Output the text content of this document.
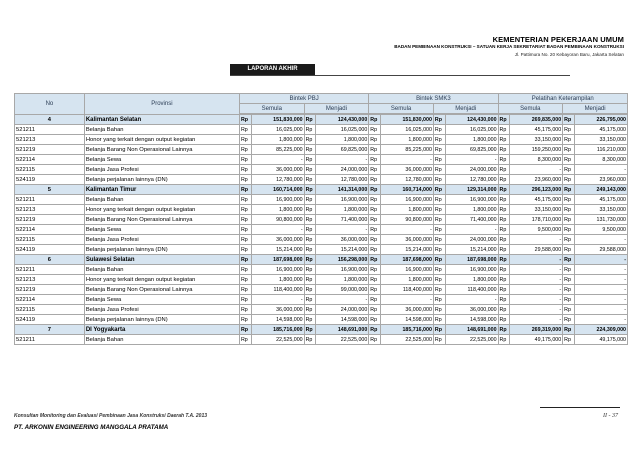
KEMENTERIAN PEKERJAAN UMUM
BADAN PEMBINAAN KONSTRUKSI – SATUAN KERJA SEKRETARIAT BADAN PEMBINAAN KONSTRUKSI
Jl. Pattimura No. 20 Kebayoran Baru, Jakarta Selatan
LAPORAN AKHIR
No	Provinsi	Bintek PBJ				Bintek SMK3				Pelatihan Keterampilan			
		Semula		Menjadi		Semula		Menjadi		Semula		Menjadi	

4	Kalimantan Selatan	Rp	151,830,000	Rp	124,430,000	Rp	151,830,000	Rp	124,430,000	Rp	269,835,000	Rp	226,795,000
521211	Belanja Bahan	Rp	16,025,000	Rp	16,025,000	Rp	16,025,000	Rp	16,025,000	Rp	45,175,000	Rp	45,175,000
521213	Honor yang terkait dengan output kegiatan	Rp	1,800,000	Rp	1,800,000	Rp	1,800,000	Rp	1,800,000	Rp	33,150,000	Rp	33,150,000
521219	Belanja Barang Non Operasional Lainnya	Rp	85,225,000	Rp	69,825,000	Rp	85,225,000	Rp	69,825,000	Rp	159,250,000	Rp	116,210,000
522114	Belanja Sewa	Rp	-	Rp	-	Rp	-	Rp	-	Rp	8,300,000	Rp	8,300,000
522115	Belanja Jasa Profesi	Rp	36,000,000	Rp	24,000,000	Rp	36,000,000	Rp	24,000,000	Rp	-	Rp	-
524119	Belanja perjalanan lainnya (DN)	Rp	12,780,000	Rp	12,780,000	Rp	12,780,000	Rp	12,780,000	Rp	23,960,000	Rp	23,960,000
5	Kalimantan Timur	Rp	160,714,000	Rp	141,314,000	Rp	160,714,000	Rp	129,314,000	Rp	296,123,000	Rp	249,143,000
521211	Belanja Bahan	Rp	16,900,000	Rp	16,900,000	Rp	16,900,000	Rp	16,900,000	Rp	45,175,000	Rp	45,175,000
521213	Honor yang terkait dengan output kegiatan	Rp	1,800,000	Rp	1,800,000	Rp	1,800,000	Rp	1,800,000	Rp	33,150,000	Rp	33,150,000
521219	Belanja Barang Non Operasional Lainnya	Rp	90,800,000	Rp	71,400,000	Rp	90,800,000	Rp	71,400,000	Rp	178,710,000	Rp	131,730,000
522114	Belanja Sewa	Rp	-	Rp	-	Rp	-	Rp	-	Rp	9,500,000	Rp	9,500,000
522115	Belanja Jasa Profesi	Rp	36,000,000	Rp	36,000,000	Rp	36,000,000	Rp	24,000,000	Rp	-	Rp	-
524119	Belanja perjalanan lainnya (DN)	Rp	15,214,000	Rp	15,214,000	Rp	15,214,000	Rp	15,214,000	Rp	29,588,000	Rp	29,588,000
6	Sulawesi Selatan	Rp	187,698,000	Rp	156,298,000	Rp	187,698,000	Rp	187,698,000	Rp	-	Rp	-
521211	Belanja Bahan	Rp	16,900,000	Rp	16,900,000	Rp	16,900,000	Rp	16,900,000	Rp	-	Rp	-
521213	Honor yang terkait dengan output kegiatan	Rp	1,800,000	Rp	1,800,000	Rp	1,800,000	Rp	1,800,000	Rp	-	Rp	-
521219	Belanja Barang Non Operasional Lainnya	Rp	118,400,000	Rp	99,000,000	Rp	118,400,000	Rp	118,400,000	Rp	-	Rp	-
522114	Belanja Sewa	Rp	-	Rp	-	Rp	-	Rp	-	Rp	-	Rp	-
522115	Belanja Jasa Profesi	Rp	36,000,000	Rp	24,000,000	Rp	36,000,000	Rp	36,000,000	Rp	-	Rp	-
524119	Belanja perjalanan lainnya (DN)	Rp	14,598,000	Rp	14,598,000	Rp	14,598,000	Rp	14,598,000	Rp	-	Rp	-
7	DI Yogyakarta	Rp	185,716,000	Rp	148,691,000	Rp	185,716,000	Rp	148,691,000	Rp	269,319,000	Rp	224,309,000
521211	Belanja Bahan	Rp	22,525,000	Rp	22,525,000	Rp	22,525,000	Rp	22,525,000	Rp	49,175,000	Rp	49,175,000
Konsultan Monitoring dan Evaluasi Pembinaan Jasa Konstruksi Daerah T.A. 2013
PT. ARKONIN ENGINEERING MANGGALA PRATAMA
II - 37
